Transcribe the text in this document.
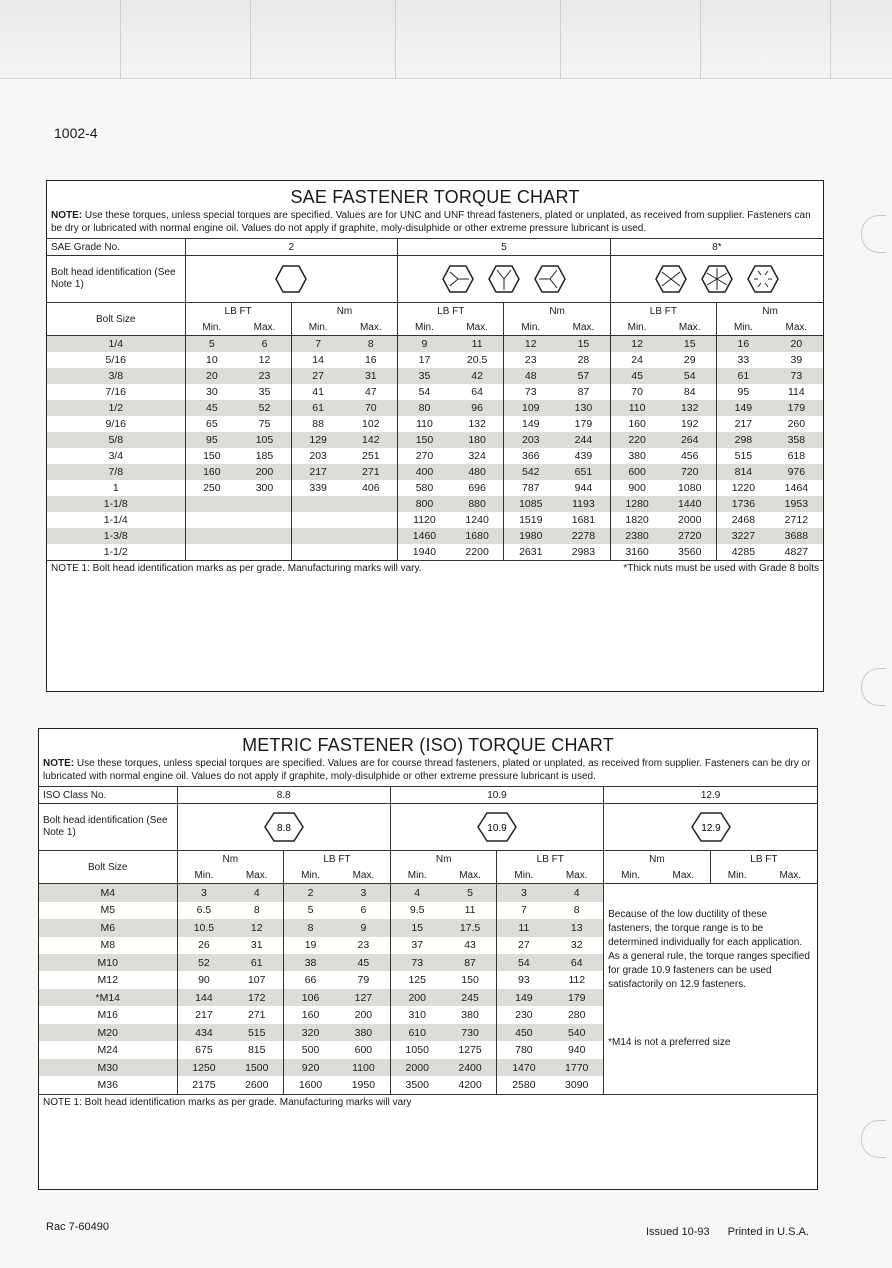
1002-4
SAE FASTENER TORQUE CHART
NOTE: Use these torques, unless special torques are specified. Values are for UNC and UNF thread fasteners, plated or unplated, as received from supplier. Fasteners can be dry or lubricated with normal engine oil. Values do not apply if graphite, moly-disulphide or other extreme pressure lubricant is used.
SAE Grade No.	2				5				8*			
Bolt head identification (See Note 1)			
Bolt Size	LB FT		Nm		LB FT		Nm		LB FT		Nm	
	Min.	Max.	Min.	Max.	Min.	Max.	Min.	Max.	Min.	Max.	Min.	Max.
1/4	5	6	7	8	9	11	12	15	12	15	16	20
5/16	10	12	14	16	17	20.5	23	28	24	29	33	39
3/8	20	23	27	31	35	42	48	57	45	54	61	73
7/16	30	35	41	47	54	64	73	87	70	84	95	114
1/2	45	52	61	70	80	96	109	130	110	132	149	179
9/16	65	75	88	102	110	132	149	179	160	192	217	260
5/8	95	105	129	142	150	180	203	244	220	264	298	358
3/4	150	185	203	251	270	324	366	439	380	456	515	618
7/8	160	200	217	271	400	480	542	651	600	720	814	976
1	250	300	339	406	580	696	787	944	900	1080	1220	1464
1-1/8					800	880	1085	1193	1280	1440	1736	1953
1-1/4					1120	1240	1519	1681	1820	2000	2468	2712
1-3/8					1460	1680	1980	2278	2380	2720	3227	3688
1-1/2					1940	2200	2631	2983	3160	3560	4285	4827
NOTE 1: Bolt head identification marks as per grade. Manufacturing marks will vary.	*Thick nuts must be used with Grade 8 bolts
METRIC FASTENER (ISO) TORQUE CHART
NOTE: Use these torques, unless special torques are specified. Values are for course thread fasteners, plated or unplated, as received from supplier. Fasteners can be dry or lubricated with normal engine oil. Values do not apply if graphite, moly-disulphide or other extreme pressure lubricant is used.
ISO Class No.	8.8				10.9				12.9			
Bolt head identification (See Note 1)	8.8				10.9				12.9			

Bolt Size	Nm		LB FT		Nm		LB FT		Nm		LB FT	
	Min.	Max.	Min.	Max.	Min.	Max.	Min.	Max.	Min.	Max.	Min.	Max.
M4	3	4	2	3	4	5	3	4	Because of the low ductility of these fasteners, the torque range is to be determined individually for each application. As a general rule, the torque ranges specified for grade 10.9 fasteners can be used satisfactorily on 12.9 fasteners.

*M14 is not a preferred size			

M5	6.5	8	5	6	9.5	11	7	8				
M6	10.5	12	8	9	15	17.5	11	13				
M8	26	31	19	23	37	43	27	32				
M10	52	61	38	45	73	87	54	64				
M12	90	107	66	79	125	150	93	112				
*M14	144	172	106	127	200	245	149	179				
M16	217	271	160	200	310	380	230	280				
M20	434	515	320	380	610	730	450	540				
M24	675	815	500	600	1050	1275	780	940				
M30	1250	1500	920	1100	2000	2400	1470	1770				
M36	2175	2600	1600	1950	3500	4200	2580	3090				
NOTE 1: Bolt head identification marks as per grade. Manufacturing marks will vary
Rac 7-60490	Issued 10-93 Printed in U.S.A.
